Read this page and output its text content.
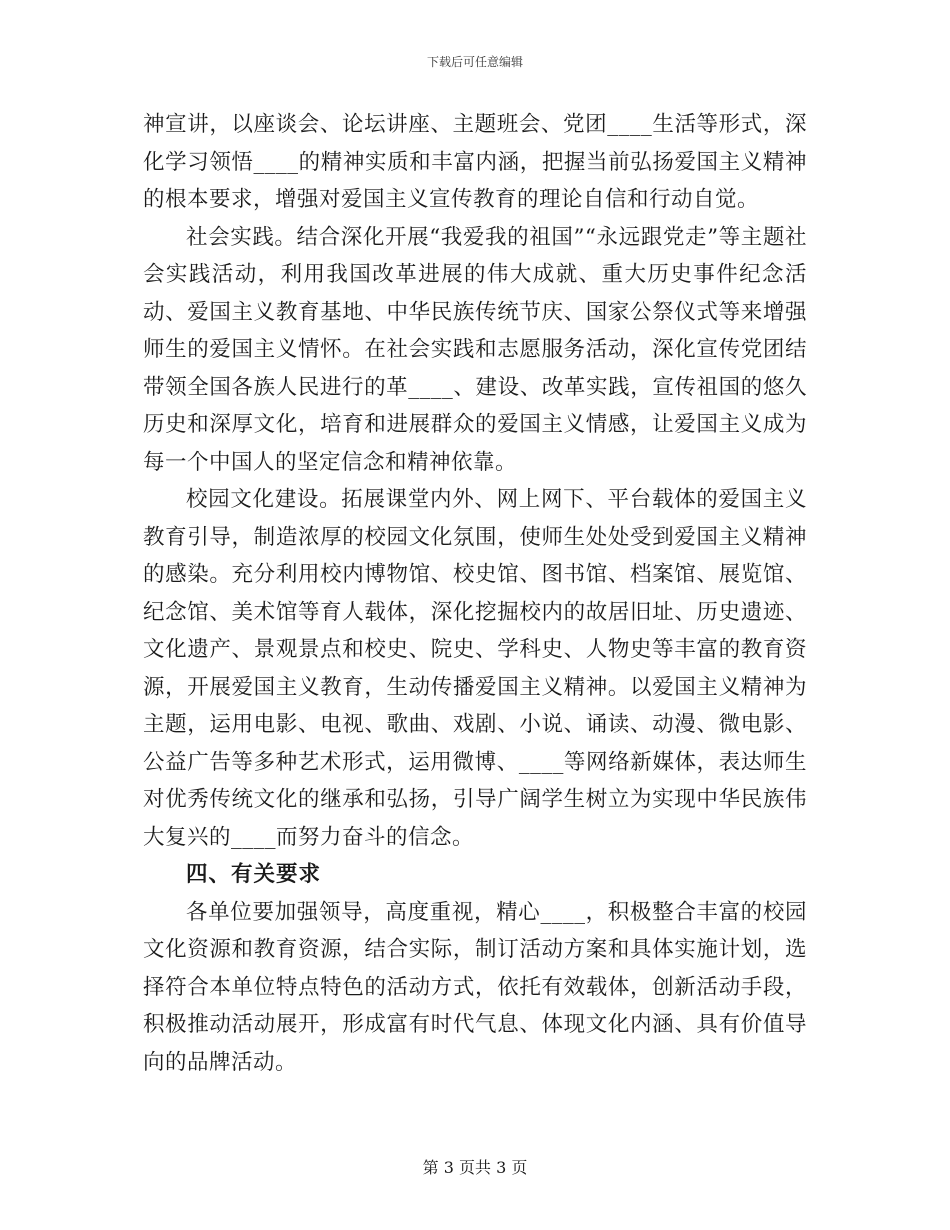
下载后可任意编辑

神宣讲，以座谈会、论坛讲座、主题班会、党团____生活等形式，深化学习领悟____的精神实质和丰富内涵，把握当前弘扬爱国主义精神的根本要求，增强对爱国主义宣传教育的理论自信和行动自觉。

社会实践。结合深化开展“我爱我的祖国”“永远跟党走”等主题社会实践活动，利用我国改革进展的伟大成就、重大历史事件纪念活动、爱国主义教育基地、中华民族传统节庆、国家公祭仪式等来增强师生的爱国主义情怀。在社会实践和志愿服务活动，深化宣传党团结带领全国各族人民进行的革____、建设、改革实践，宣传祖国的悠久历史和深厚文化，培育和进展群众的爱国主义情感，让爱国主义成为每一个中国人的坚定信念和精神依靠。

校园文化建设。拓展课堂内外、网上网下、平台载体的爱国主义教育引导，制造浓厚的校园文化氛围，使师生处处受到爱国主义精神的感染。充分利用校内博物馆、校史馆、图书馆、档案馆、展览馆、纪念馆、美术馆等育人载体，深化挖掘校内的故居旧址、历史遗迹、文化遗产、景观景点和校史、院史、学科史、人物史等丰富的教育资源，开展爱国主义教育，生动传播爱国主义精神。以爱国主义精神为主题，运用电影、电视、歌曲、戏剧、小说、诵读、动漫、微电影、公益广告等多种艺术形式，运用微博、____等网络新媒体，表达师生对优秀传统文化的继承和弘扬，引导广阔学生树立为实现中华民族伟大复兴的____而努力奋斗的信念。

四、有关要求

各单位要加强领导，高度重视，精心____，积极整合丰富的校园文化资源和教育资源，结合实际，制订活动方案和具体实施计划，选择符合本单位特点特色的活动方式，依托有效载体，创新活动手段，积极推动活动展开，形成富有时代气息、体现文化内涵、具有价值导向的品牌活动。

第 3 页共 3 页
